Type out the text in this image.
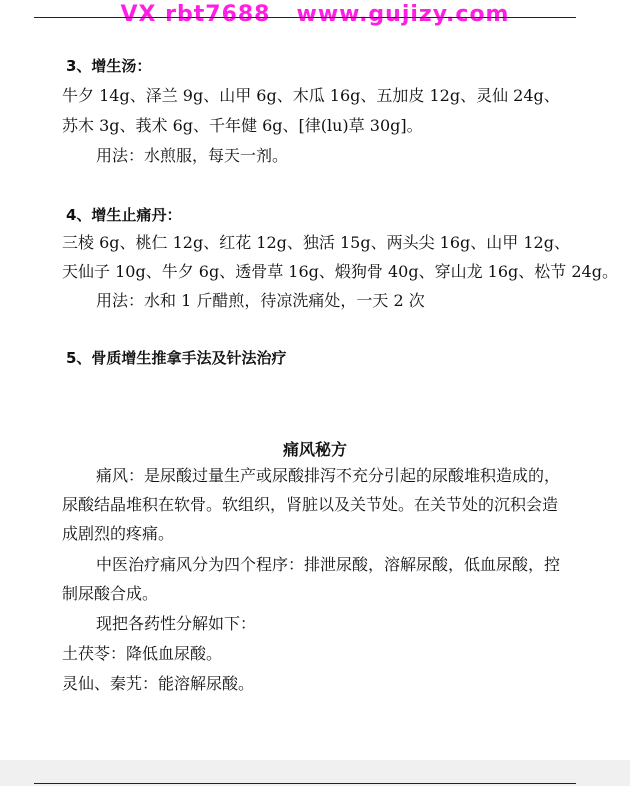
VX rbt7688 www.gujizy.com
3、增生汤：
牛夕 14g、泽兰 9g、山甲 6g、木瓜 16g、五加皮 12g、灵仙 24g、
苏木 3g、莪术 6g、千年健 6g、[律(lu)草 30g]。
用法：水煎服，每天一剂。
4、增生止痛丹：
三棱 6g、桃仁 12g、红花 12g、独活 15g、两头尖 16g、山甲 12g、
天仙子 10g、牛夕 6g、透骨草 16g、煅狗骨 40g、穿山龙 16g、松节 24g。
用法：水和 1 斤醋煎，待凉洗痛处，一天 2 次
5、骨质增生推拿手法及针法治疗
痛风秘方
痛风：是尿酸过量生产或尿酸排泻不充分引起的尿酸堆积造成的，
尿酸结晶堆积在软骨。软组织，肾脏以及关节处。在关节处的沉积会造
成剧烈的疼痛。
中医治疗痛风分为四个程序：排泄尿酸，溶解尿酸，低血尿酸，控
制尿酸合成。
现把各药性分解如下：
土茯苓：降低血尿酸。
灵仙、秦艽：能溶解尿酸。
